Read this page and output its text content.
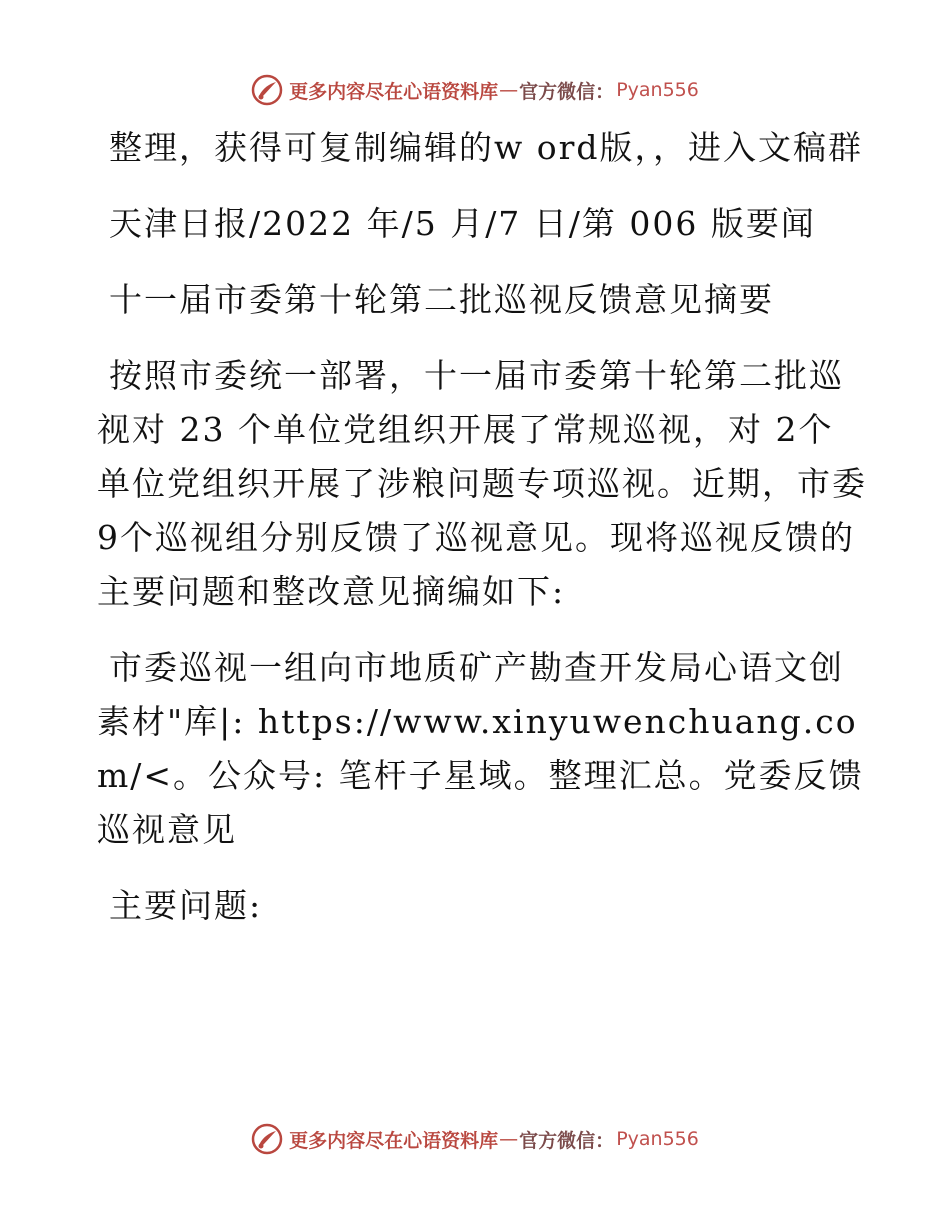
更多内容尽在心语资料库 — 官方微信： Pyan556

整理，获得可复制编辑的w ord版，，进入文稿群

天津日报/2022 年/5 月/7 日/第 006 版要闻

十一届市委第十轮第二批巡视反馈意见摘要

按照市委统一部署，十一届市委第十轮第二批巡视对 23 个单位党组织开展了常规巡视，对 2个单位党组织开展了涉粮问题专项巡视。近期，市委 9个巡视组分别反馈了巡视意见。现将巡视反馈的主要问题和整改意见摘编如下:

市委巡视一组向市地质矿产勘查开发局心语文创素材"库|: https://www.xinyuwenchuang.com/<。公众号: 笔杆子星域。整理汇总。党委反馈巡视意见

主要问题:

更多内容尽在心语资料库 — 官方微信： Pyan556
